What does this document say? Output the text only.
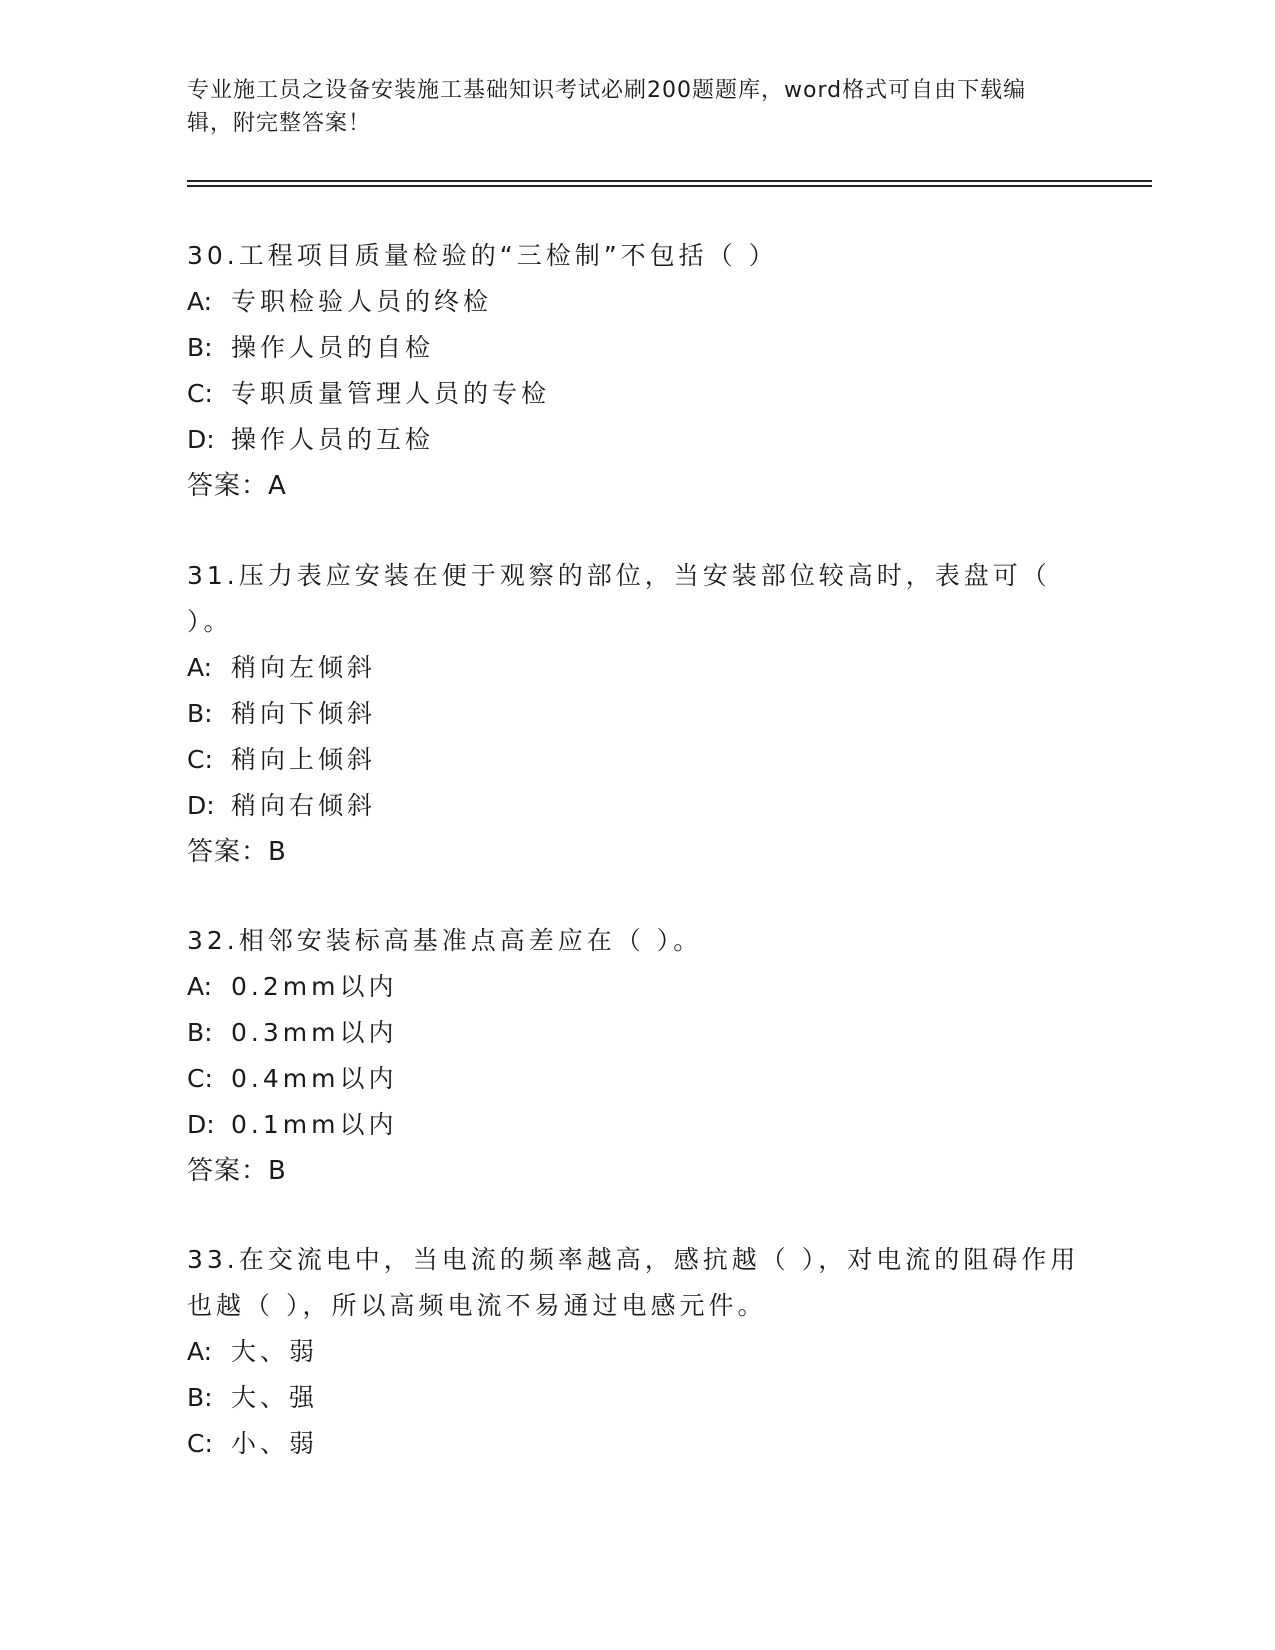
专业施工员之设备安装施工基础知识考试必刷200题题库，word格式可自由下载编辑，附完整答案！

30.工程项目质量检验的“三检制”不包括（ ）

A: 专职检验人员的终检

B: 操作人员的自检

C: 专职质量管理人员的专检

D: 操作人员的互检

答案：A

31.压力表应安装在便于观察的部位，当安装部位较高时，表盘可（ ）。

A: 稍向左倾斜

B: 稍向下倾斜

C: 稍向上倾斜

D: 稍向右倾斜

答案：B

32.相邻安装标高基准点高差应在（ ）。

A: 0.2mm以内

B: 0.3mm以内

C: 0.4mm以内

D: 0.1mm以内

答案：B

33.在交流电中，当电流的频率越高，感抗越（ ），对电流的阻碍作用也越（ ），所以高频电流不易通过电感元件。

A: 大、弱

B: 大、强

C: 小、弱
